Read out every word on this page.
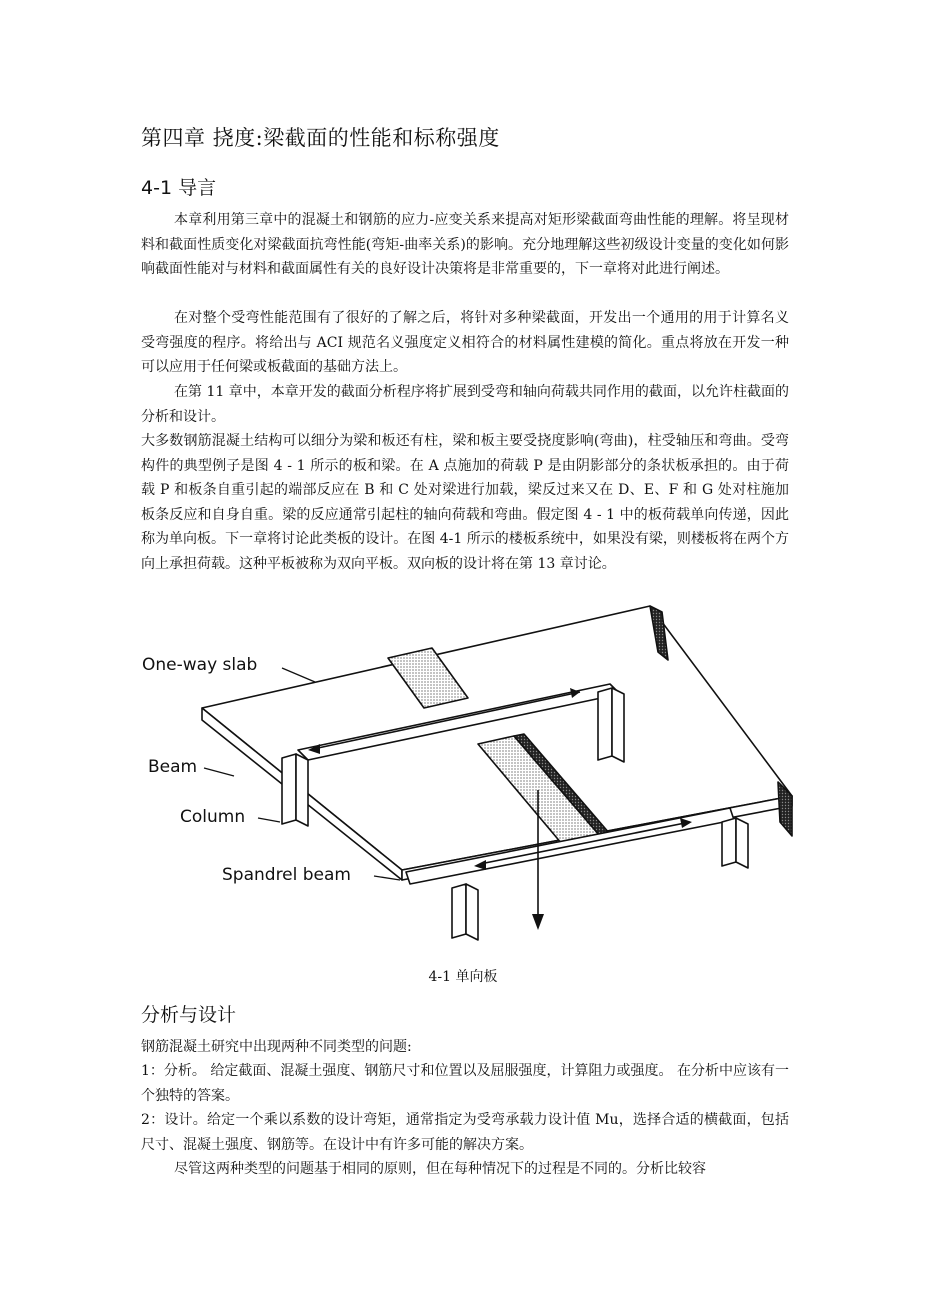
第四章 挠度:梁截面的性能和标称强度
4-1 导言
本章利用第三章中的混凝土和钢筋的应力-应变关系来提高对矩形梁截面弯曲性能的理解。将呈现材料和截面性质变化对梁截面抗弯性能(弯矩-曲率关系)的影响。充分地理解这些初级设计变量的变化如何影响截面性能对与材料和截面属性有关的良好设计决策将是非常重要的，下一章将对此进行阐述。
在对整个受弯性能范围有了很好的了解之后，将针对多种梁截面，开发出一个通用的用于计算名义受弯强度的程序。将给出与 ACI 规范名义强度定义相符合的材料属性建模的简化。重点将放在开发一种可以应用于任何梁或板截面的基础方法上。
在第 11 章中，本章开发的截面分析程序将扩展到受弯和轴向荷载共同作用的截面，以允许柱截面的分析和设计。
大多数钢筋混凝土结构可以细分为梁和板还有柱，梁和板主要受挠度影响(弯曲)，柱受轴压和弯曲。受弯构件的典型例子是图 4 - 1 所示的板和梁。在 A 点施加的荷载 P 是由阴影部分的条状板承担的。由于荷载 P 和板条自重引起的端部反应在 B 和 C 处对梁进行加载，梁反过来又在 D、E、F 和 G 处对柱施加板条反应和自身自重。梁的反应通常引起柱的轴向荷载和弯曲。假定图 4 - 1 中的板荷载单向传递，因此称为单向板。下一章将讨论此类板的设计。在图 4-1 所示的楼板系统中，如果没有梁，则楼板将在两个方向上承担荷载。这种平板被称为双向平板。双向板的设计将在第 13 章讨论。
One-way slab
Beam
Column
Spandrel beam
4-1 单向板
分析与设计
钢筋混凝土研究中出现两种不同类型的问题:
1：分析。 给定截面、混凝土强度、钢筋尺寸和位置以及屈服强度，计算阻力或强度。 在分析中应该有一个独特的答案。
2：设计。给定一个乘以系数的设计弯矩，通常指定为受弯承载力设计值 Mu，选择合适的横截面，包括尺寸、混凝土强度、钢筋等。在设计中有许多可能的解决方案。
尽管这两种类型的问题基于相同的原则，但在每种情况下的过程是不同的。分析比较容
